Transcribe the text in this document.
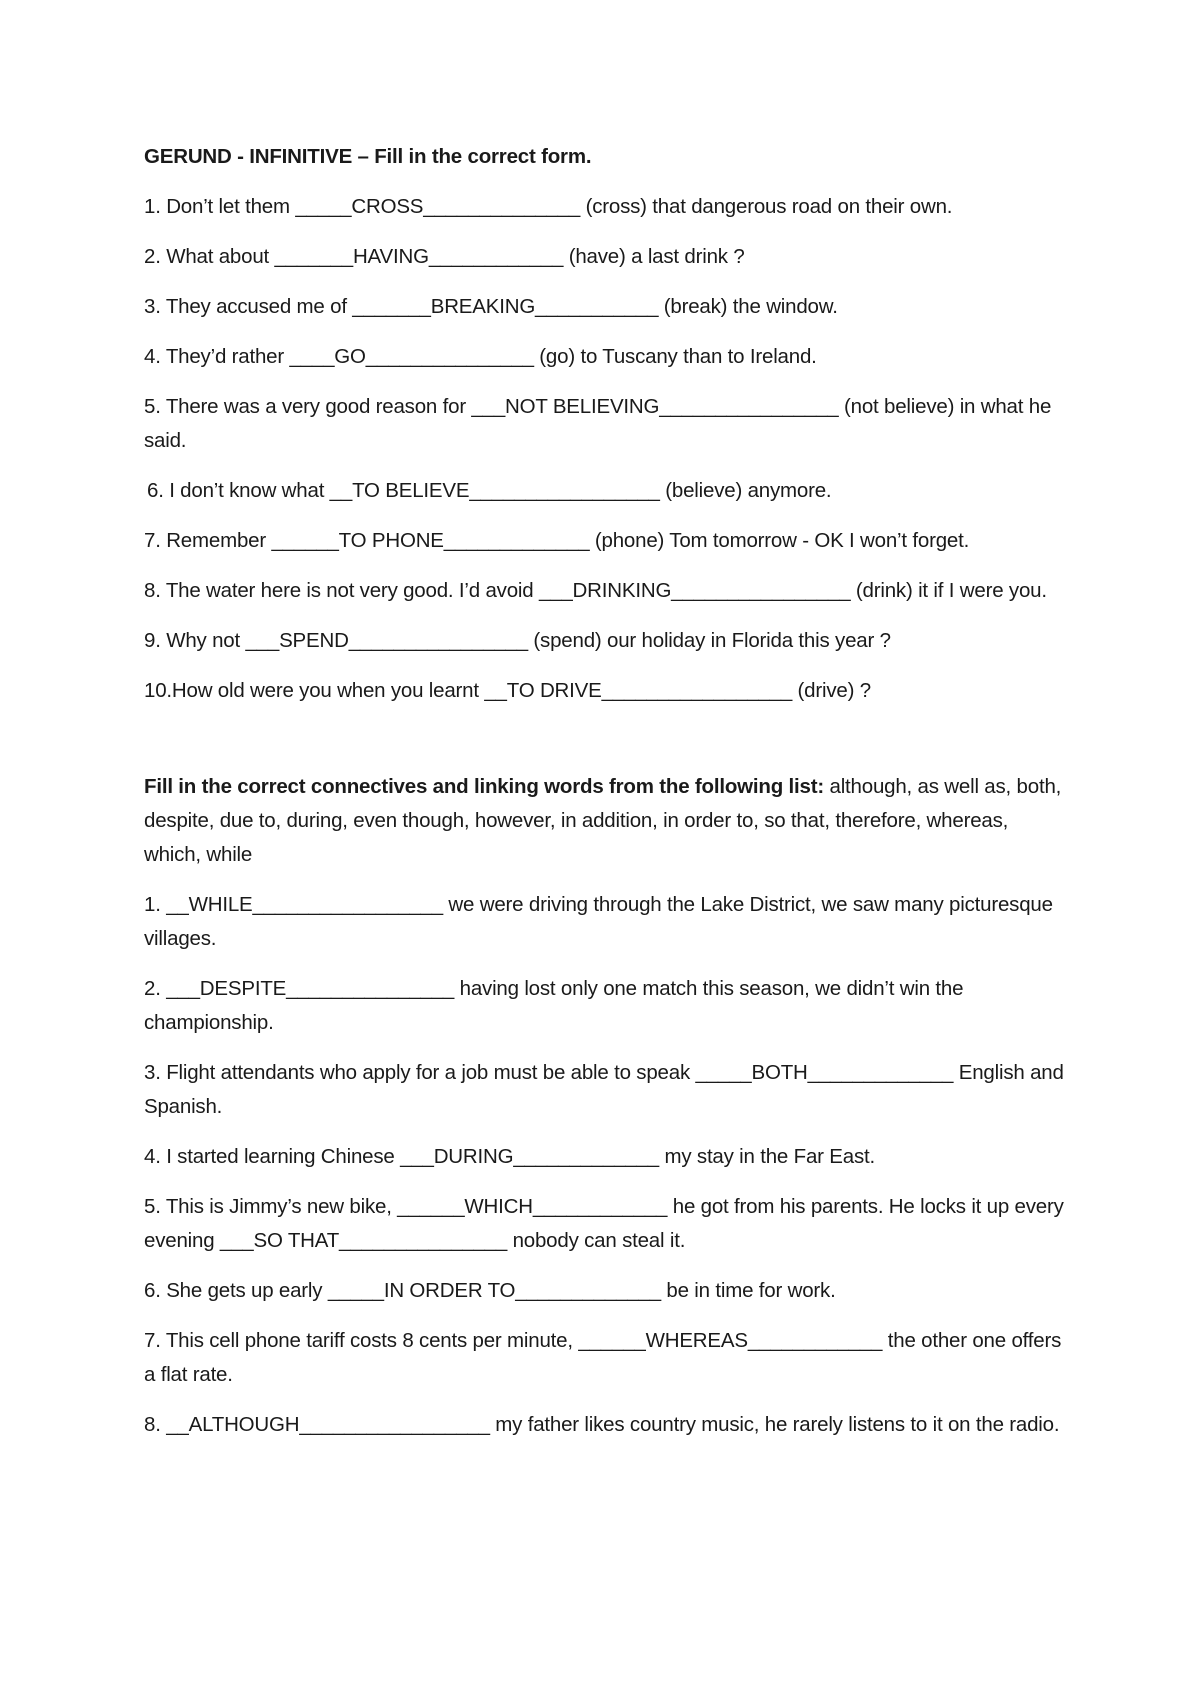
GERUND - INFINITIVE – Fill in the correct form.
1. Don’t let them _____CROSS______________ (cross) that dangerous road on their own.
2. What about _______HAVING____________ (have) a last drink ?
3. They accused me of _______BREAKING___________ (break) the window.
4. They’d rather ____GO_______________ (go) to Tuscany than to Ireland.
5. There was a very good reason for ___NOT BELIEVING________________ (not believe) in what he said.
6. I don’t know what __TO BELIEVE_________________ (believe) anymore.
7. Remember ______TO PHONE_____________ (phone) Tom tomorrow - OK I won’t forget.
8. The water here is not very good. I’d avoid ___DRINKING________________ (drink) it if I were you.
9. Why not ___SPEND________________ (spend) our holiday in Florida this year ?
10.How old were you when you learnt __TO DRIVE_________________ (drive) ?
Fill in the correct connectives and linking words from the following list: although, as well as, both, despite, due to, during, even though, however, in addition, in order to, so that, therefore, whereas, which, while
1. __WHILE_________________ we were driving through the Lake District, we saw many picturesque villages.
2. ___DESPITE_______________ having lost only one match this season, we didn’t win the championship.
3. Flight attendants who apply for a job must be able to speak _____BOTH_____________ English and Spanish.
4. I started learning Chinese ___DURING_____________ my stay in the Far East.
5. This is Jimmy’s new bike, ______WHICH____________ he got from his parents. He locks it up every evening ___SO THAT_______________ nobody can steal it.
6. She gets up early _____IN ORDER TO_____________ be in time for work.
7. This cell phone tariff costs 8 cents per minute, ______WHEREAS____________ the other one offers a flat rate.
8. __ALTHOUGH_________________ my father likes country music, he rarely listens to it on the radio.
